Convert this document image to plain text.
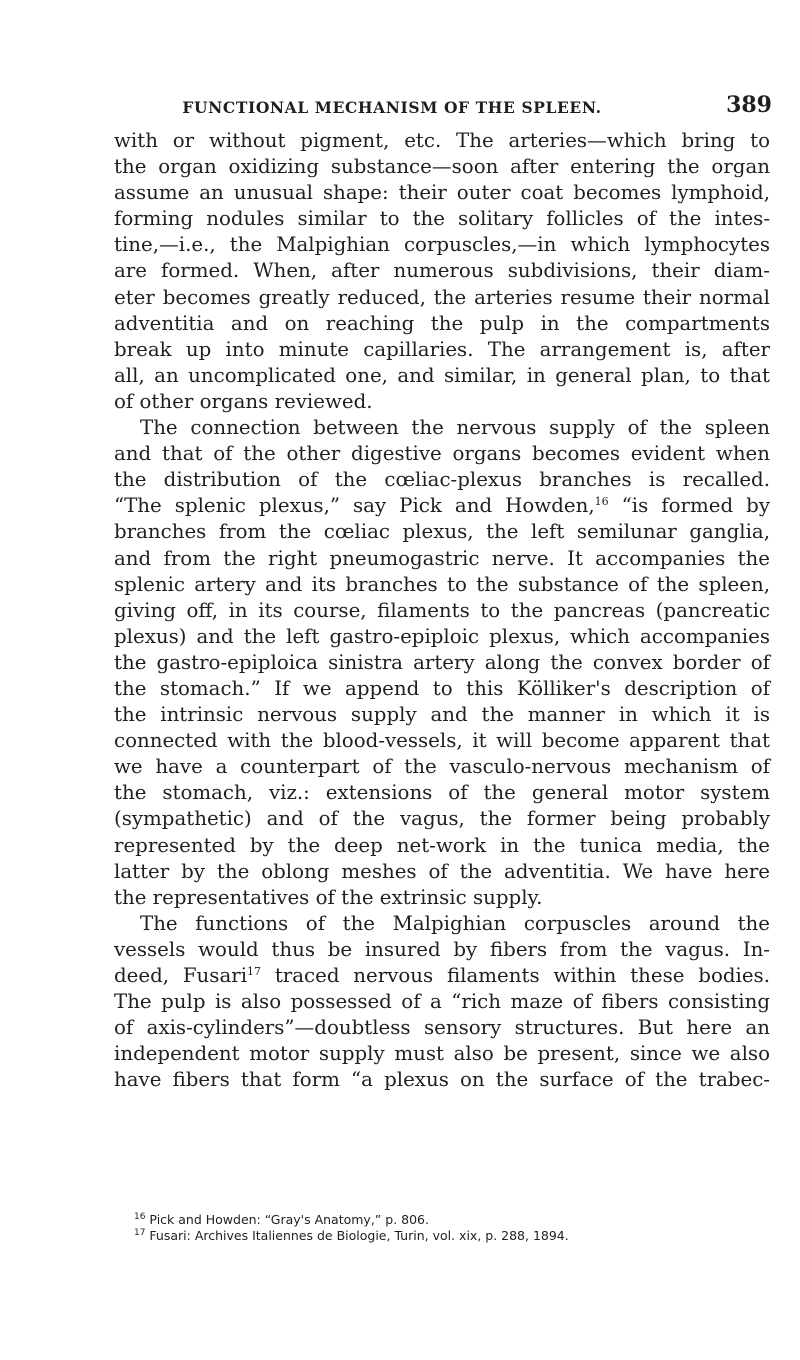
FUNCTIONAL MECHANISM OF THE SPLEEN.	389
with or without pigment, etc. The arteries—which bring to
the organ oxidizing substance—soon after entering the organ
assume an unusual shape: their outer coat becomes lymphoid,
forming nodules similar to the solitary follicles of the intes-
tine,—i.e., the Malpighian corpuscles,—in which lymphocytes
are formed. When, after numerous subdivisions, their diam-
eter becomes greatly reduced, the arteries resume their normal
adventitia and on reaching the pulp in the compartments
break up into minute capillaries. The arrangement is, after
all, an uncomplicated one, and similar, in general plan, to that
of other organs reviewed.
The connection between the nervous supply of the spleen
and that of the other digestive organs becomes evident when
the distribution of the cœliac-plexus branches is recalled.
“The splenic plexus,” say Pick and Howden,$^{16}$ “is formed by
branches from the cœliac plexus, the left semilunar ganglia,
and from the right pneumogastric nerve. It accompanies the
splenic artery and its branches to the substance of the spleen,
giving off, in its course, filaments to the pancreas (pancreatic
plexus) and the left gastro-epiploic plexus, which accompanies
the gastro-epiploica sinistra artery along the convex border of
the stomach.” If we append to this Kölliker's description of
the intrinsic nervous supply and the manner in which it is
connected with the blood-vessels, it will become apparent that
we have a counterpart of the vasculo-nervous mechanism of
the stomach, viz.: extensions of the general motor system
(sympathetic) and of the vagus, the former being probably
represented by the deep net-work in the tunica media, the
latter by the oblong meshes of the adventitia. We have here
the representatives of the extrinsic supply.
The functions of the Malpighian corpuscles around the
vessels would thus be insured by fibers from the vagus. In-
deed, Fusari$^{17}$ traced nervous filaments within these bodies.
The pulp is also possessed of a “rich maze of fibers consisting
of axis-cylinders”—doubtless sensory structures. But here an
independent motor supply must also be present, since we also
have fibers that form “a plexus on the surface of the trabec-
$^{16}$ Pick and Howden: “Gray's Anatomy,” p. 806.
$^{17}$ Fusari: Archives Italiennes de Biologie, Turin, vol. xix, p. 288, 1894.
